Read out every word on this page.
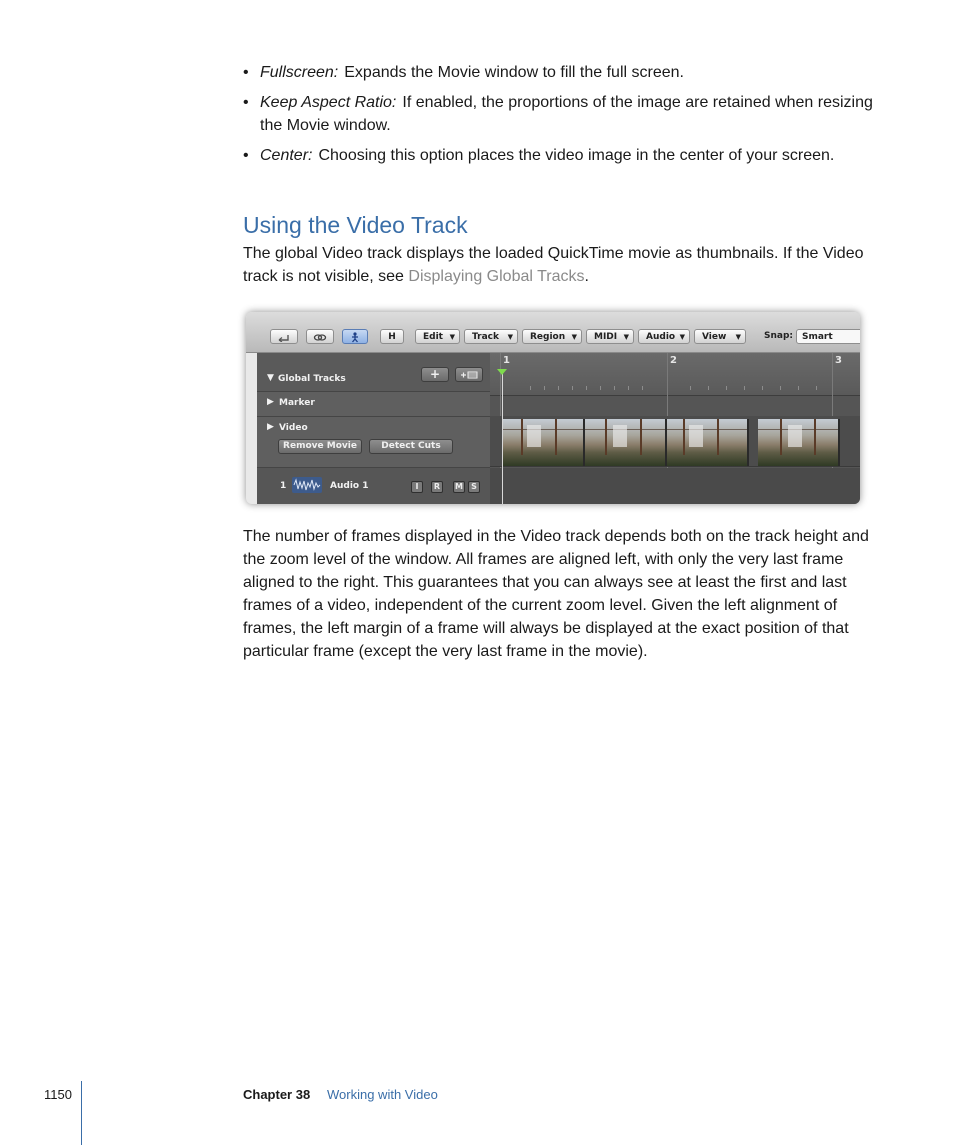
• Fullscreen: Expands the Movie window to fill the full screen.
• Keep Aspect Ratio: If enabled, the proportions of the image are retained when resizing the Movie window.
• Center: Choosing this option places the video image in the center of your screen.
Using the Video Track

The global Video track displays the loaded QuickTime movie as thumbnails. If the Video track is not visible, see Displaying Global Tracks.

H	Edit ▼	Track ▼	Region ▼	MIDI ▼	Audio ▼	View ▼	Snap: Smart
▼ Global Tracks	+
▶ Marker
▶ Video
Remove Movie	Detect Cuts
1	Audio 1	I	R	M	S
1	2	3

The number of frames displayed in the Video track depends both on the track height and the zoom level of the window. All frames are aligned left, with only the very last frame aligned to the right. This guarantees that you can always see at least the first and last frames of a video, independent of the current zoom level. Given the left alignment of frames, the left margin of a frame will always be displayed at the exact position of that particular frame (except the very last frame in the movie).

1150	Chapter 38 Working with Video
